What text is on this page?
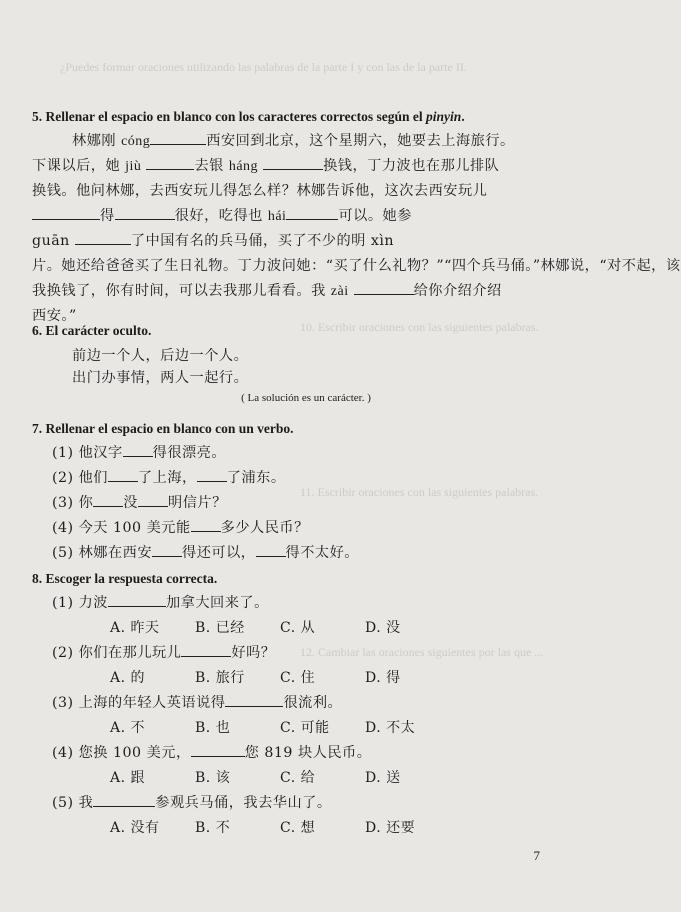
¿Puedes formar oraciones utilizando las palabras de la parte I y con las de la parte II.
10. Escribir oraciones con las siguientes palabras.
11. Escribir oraciones con las siguientes palabras.
12. Cambiar las oraciones siguientes por las que ...
5. Rellenar el espacio en blanco con los caracteres correctos según el pinyin.
林娜刚 cóng	西安回到北京，这个星期六，她要去上海旅行。
下课以后，她 jiù	去银 háng	换钱，丁力波也在那儿排队
换钱。他问林娜，去西安玩儿得怎么样？林娜告诉他，这次去西安玩儿
得	很好，吃得也 hái	可以。她参
guān	了中国有名的兵马俑，买了不少的明 xìn
片。她还给爸爸买了生日礼物。丁力波问她：“买了什么礼物？”“四个兵马俑。”林娜说，“对不起，该
我换钱了，你有时间，可以去我那儿看看。我 zài	给你介绍介绍
西安。”
6. El carácter oculto.
前边一个人，后边一个人。
出门办事情，两人一起行。
( La solución es un carácter. )
7. Rellenar el espacio en blanco con un verbo.
(1) 他汉字 得很漂亮。
(2) 他们 了上海， 了浦东。
(3) 你 没 明信片？
(4) 今天 100 美元能 多少人民币？
(5) 林娜在西安 得还可以， 得不太好。
8. Escoger la respuesta correcta.
(1) 力波	加拿大回来了。
A. 昨天	B. 已经	C. 从	D. 没
(2) 你们在那儿玩儿	好吗？
A. 的	B. 旅行	C. 住	D. 得
(3) 上海的年轻人英语说得	很流利。
A. 不	B. 也	C. 可能	D. 不太
(4) 您换 100 美元，	您 819 块人民币。
A. 跟	B. 该	C. 给	D. 送
(5) 我	参观兵马俑，我去华山了。
A. 没有	B. 不	C. 想	D. 还要
7
